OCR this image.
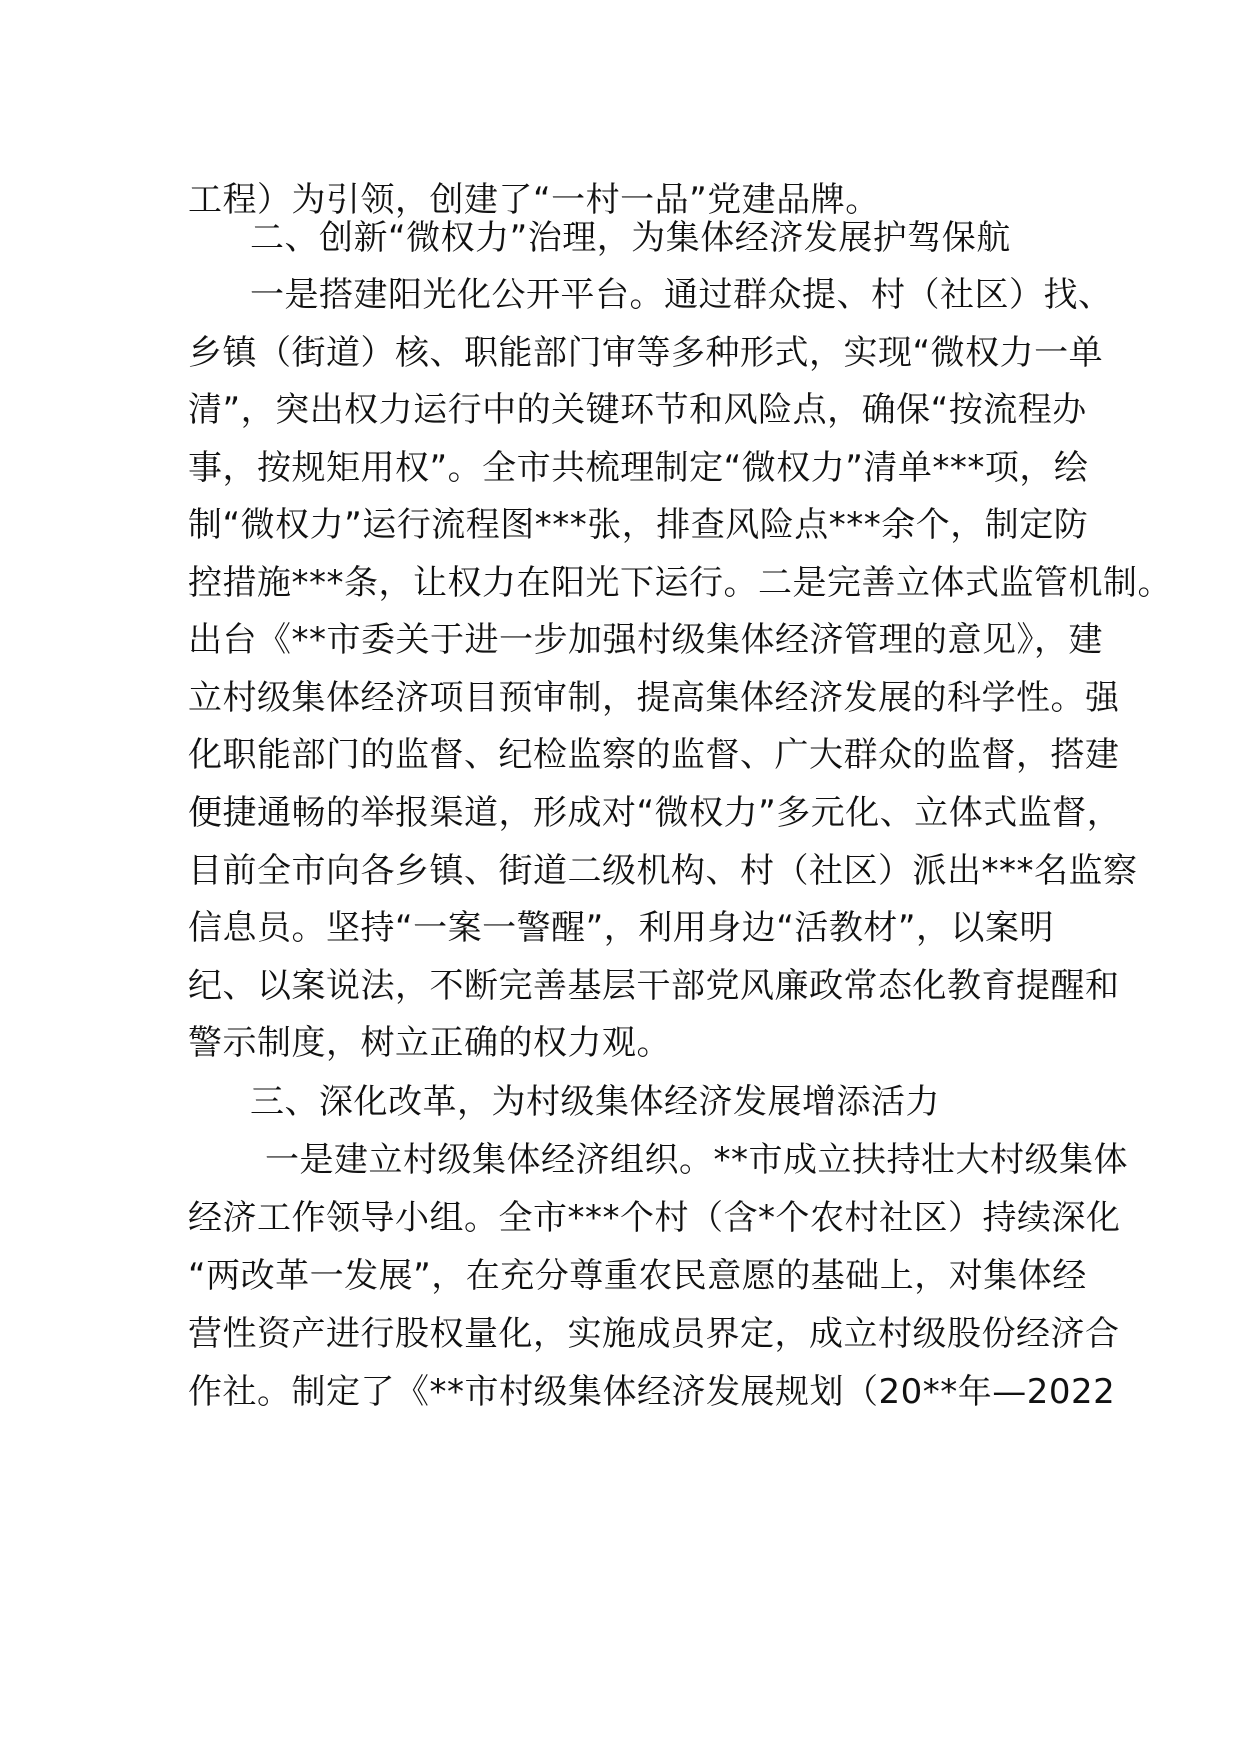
工程）为引领，创建了“一村一品”党建品牌。
二、创新“微权力”治理，为集体经济发展护驾保航
一是搭建阳光化公开平台。通过群众提、村（社区）找、
乡镇（街道）核、职能部门审等多种形式，实现“微权力一单
清”，突出权力运行中的关键环节和风险点，确保“按流程办
事，按规矩用权”。全市共梳理制定“微权力”清单***项，绘
制“微权力”运行流程图***张，排查风险点***余个，制定防
控措施***条，让权力在阳光下运行。二是完善立体式监管机制。
出台《**市委关于进一步加强村级集体经济管理的意见》，建
立村级集体经济项目预审制，提高集体经济发展的科学性。强
化职能部门的监督、纪检监察的监督、广大群众的监督，搭建
便捷通畅的举报渠道，形成对“微权力”多元化、立体式监督，
目前全市向各乡镇、街道二级机构、村（社区）派出***名监察
信息员。坚持“一案一警醒”，利用身边“活教材”，以案明
纪、以案说法，不断完善基层干部党风廉政常态化教育提醒和
警示制度，树立正确的权力观。
三、深化改革，为村级集体经济发展增添活力
一是建立村级集体经济组织。**市成立扶持壮大村级集体
经济工作领导小组。全市***个村（含*个农村社区）持续深化
“两改革一发展”，在充分尊重农民意愿的基础上，对集体经
营性资产进行股权量化，实施成员界定，成立村级股份经济合
作社。制定了《**市村级集体经济发展规划（20**年—2022
